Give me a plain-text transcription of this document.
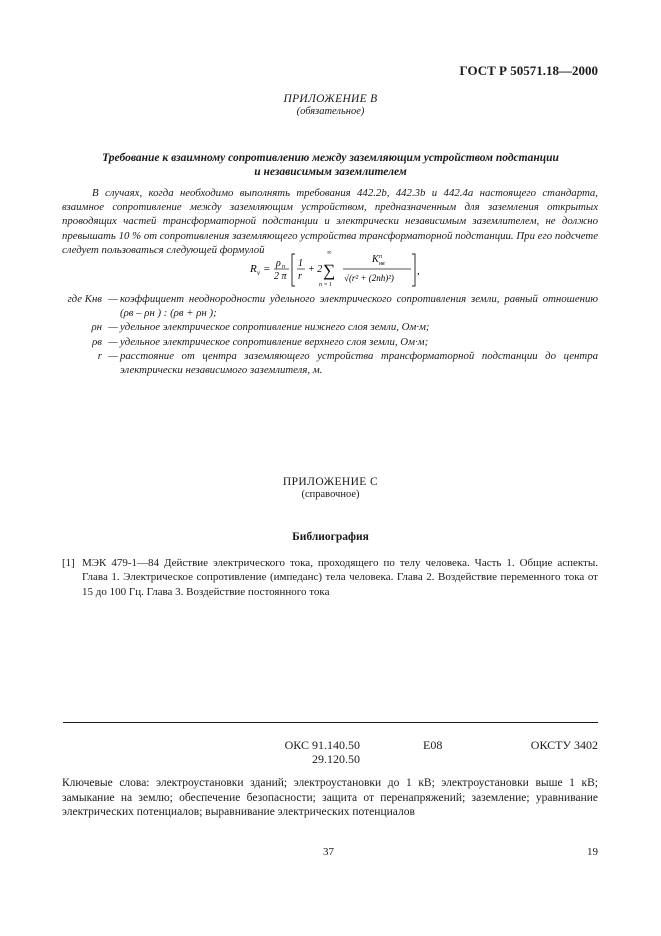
ГОСТ Р 50571.18—2000
ПРИЛОЖЕНИЕ В
(обязательное)
Требование к взаимному сопротивлению между заземляющим устройством подстанции
и независимым заземлителем
В случаях, когда необходимо выполнять требования 442.2b, 442.3b и 442.4a настоящего стандарта, взаимное сопротивление между заземляющим устройством, предназначенным для заземления открытых проводящих частей трансформаторной подстанции и электрически независимым заземлителем, не должно превышать 10 % от сопротивления заземляющего устройства трансформаторной подстанции. При его подсчете следует пользоваться следующей формулой
R v = ρ n
2 π
1
r
+ 2
∞
∑
n = 1
K n
нв
√(r² + (2nh)²)
,
где Kнв — коэффициент неоднородности удельного электрического сопротивления земли, равный отношению (ρв – ρн ) : (ρв + ρн );
ρн — удельное электрическое сопротивление нижнего слоя земли, Ом·м;
ρв — удельное электрическое сопротивление верхнего слоя земли, Ом·м;
r — расстояние от центра заземляющего устройства трансформаторной подстанции до центра электрически независимого заземлителя, м.
ПРИЛОЖЕНИЕ С
(справочное)
Библиография
[1] МЭК 479-1—84 Действие электрического тока, проходящего по телу человека. Часть 1. Общие аспекты. Глава 1. Электрическое сопротивление (импеданс) тела человека. Глава 2. Воздействие переменного тока от 15 до 100 Гц. Глава 3. Воздействие постоянного тока
ОКС 91.140.50
29.120.50
Е08	ОКСТУ 3402
Ключевые слова: электроустановки зданий; электроустановки до 1 кВ; электроустановки выше 1 кВ; замыкание на землю; обеспечение безопасности; защита от перенапряжений; заземление; уравнивание электрических потенциалов; выравнивание электрических потенциалов
37	19
